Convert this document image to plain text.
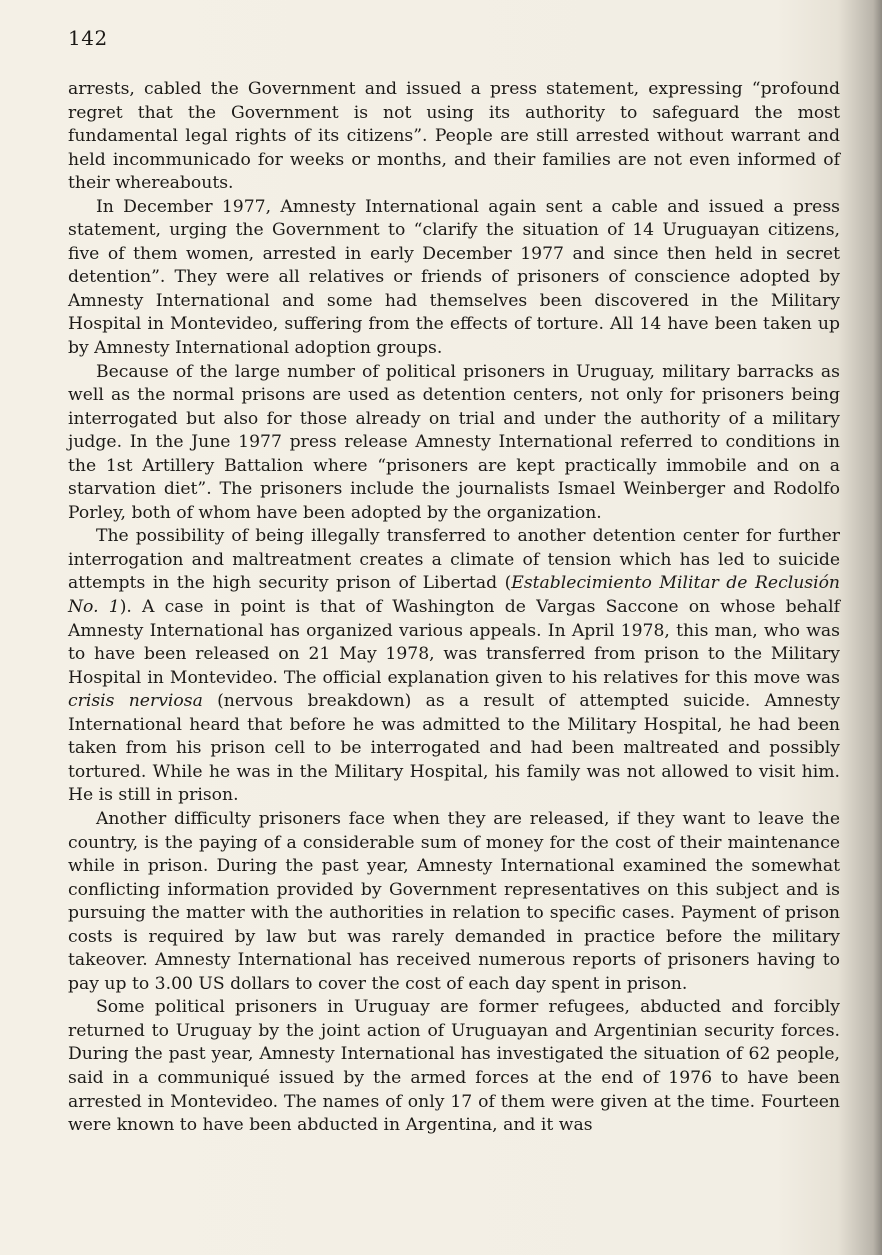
142

arrests, cabled the Government and issued a press statement, expressing “profound regret that the Government is not using its authority to safeguard the most fundamental legal rights of its citizens”. People are still arrested without warrant and held incommunicado for weeks or months, and their families are not even informed of their whereabouts.

In December 1977, Amnesty International again sent a cable and issued a press statement, urging the Government to “clarify the situation of 14 Uruguayan citizens, five of them women, arrested in early December 1977 and since then held in secret detention”. They were all relatives or friends of prisoners of conscience adopted by Amnesty International and some had themselves been discovered in the Military Hospital in Montevideo, suffering from the effects of torture. All 14 have been taken up by Amnesty International adoption groups.

Because of the large number of political prisoners in Uruguay, military barracks as well as the normal prisons are used as detention centers, not only for prisoners being interrogated but also for those already on trial and under the authority of a military judge. In the June 1977 press release Amnesty International referred to conditions in the 1st Artillery Battalion where “prisoners are kept practically immobile and on a starvation diet”. The prisoners include the journalists Ismael Weinberger and Rodolfo Porley, both of whom have been adopted by the organization.

The possibility of being illegally transferred to another detention center for further interrogation and maltreatment creates a climate of tension which has led to suicide attempts in the high security prison of Libertad (Establecimiento Militar de Reclusión No. 1). A case in point is that of Washington de Vargas Saccone on whose behalf Amnesty International has organized various appeals. In April 1978, this man, who was to have been released on 21 May 1978, was transferred from prison to the Military Hospital in Montevideo. The official explanation given to his relatives for this move was crisis nerviosa (nervous breakdown) as a result of attempted suicide. Amnesty International heard that before he was admitted to the Military Hospital, he had been taken from his prison cell to be interrogated and had been maltreated and possibly tortured. While he was in the Military Hospital, his family was not allowed to visit him. He is still in prison.

Another difficulty prisoners face when they are released, if they want to leave the country, is the paying of a considerable sum of money for the cost of their maintenance while in prison. During the past year, Amnesty International examined the somewhat conflicting information provided by Government representatives on this subject and is pursuing the matter with the authorities in relation to specific cases. Payment of prison costs is required by law but was rarely demanded in practice before the military takeover. Amnesty International has received numerous reports of prisoners having to pay up to 3.00 US dollars to cover the cost of each day spent in prison.

Some political prisoners in Uruguay are former refugees, abducted and forcibly returned to Uruguay by the joint action of Uruguayan and Argentinian security forces. During the past year, Amnesty International has investigated the situation of 62 people, said in a communiqué issued by the armed forces at the end of 1976 to have been arrested in Montevideo. The names of only 17 of them were given at the time. Fourteen were known to have been abducted in Argentina, and it was
